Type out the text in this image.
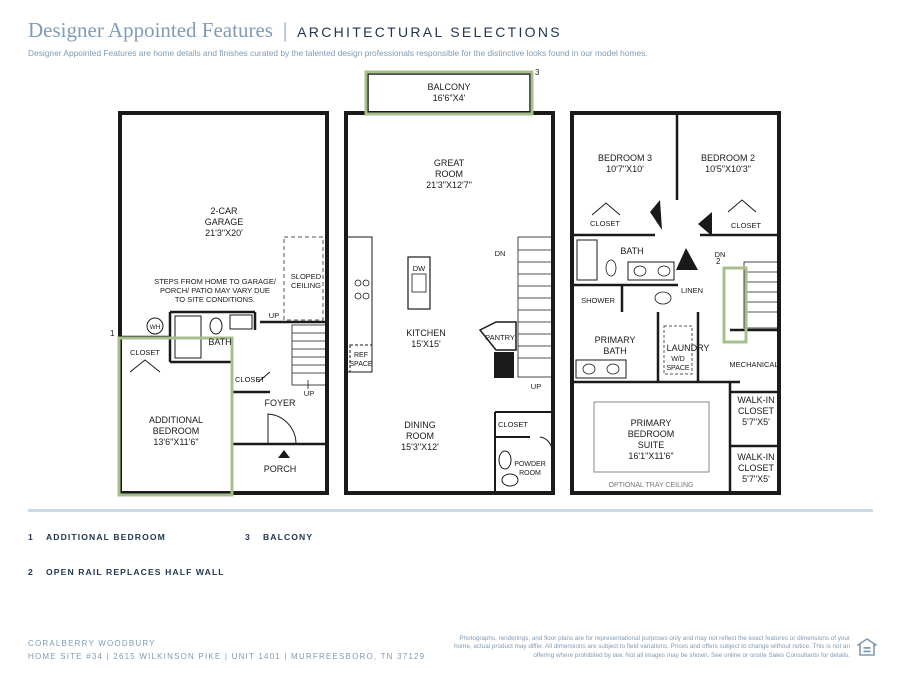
Designer Appointed Features | ARCHITECTURAL SELECTIONS
Designer Appointed Features are home details and finishes curated by the talented design professionals responsible for the distinctive looks found in our model homes.
1
2-CAR
GARAGE
21'3"X20'
STEPS FROM HOME TO GARAGE/
PORCH/ PATIO MAY VARY DUE
TO SITE CONDITIONS.
SLOPED
CEILING
WH
CLOSET
BATH
CLOSET
FOYER
UP
UP
ADDITIONAL
BEDROOM
13'6"X11'6"
PORCH
3
BALCONY
16'6"X4'
GREAT
ROOM
21'3"X12'7"
DN
DW
KITCHEN
15'X15'
PANTRY
REF
SPACE
UP
DINING
ROOM
15'3"X12'
CLOSET
POWDER
ROOM
2
BEDROOM 3
10'7"X10'
BEDROOM 2
10'5"X10'3"
CLOSET	CLOSET
BATH	DN
LINEN
SHOWER
PRIMARY
BATH	LAUNDRY
W/D
SPACE	MECHANICAL
PRIMARY
BEDROOM
SUITE
16'1"X11'6"
OPTIONAL TRAY CEILING
WALK-IN
CLOSET
5'7"X5'
WALK-IN
CLOSET
5'7"X5'
1 ADDITIONAL BEDROOM	3 BALCONY
2 OPEN RAIL REPLACES HALF WALL
CORALBERRY WOODBURY
HOME SITE #34 | 2615 WILKINSON PIKE | UNIT 1401 | MURFREESBORO, TN 37129
Photographs, renderings, and floor plans are for representational purposes only and may not reflect the exact features or dimensions of your home, actual product may differ. All dimensions are subject to field variations. Prices and offers subject to change without notice. This is not an offering where prohibited by law. Not all images may be shown. See online or onsite Sales Consultants for details.
